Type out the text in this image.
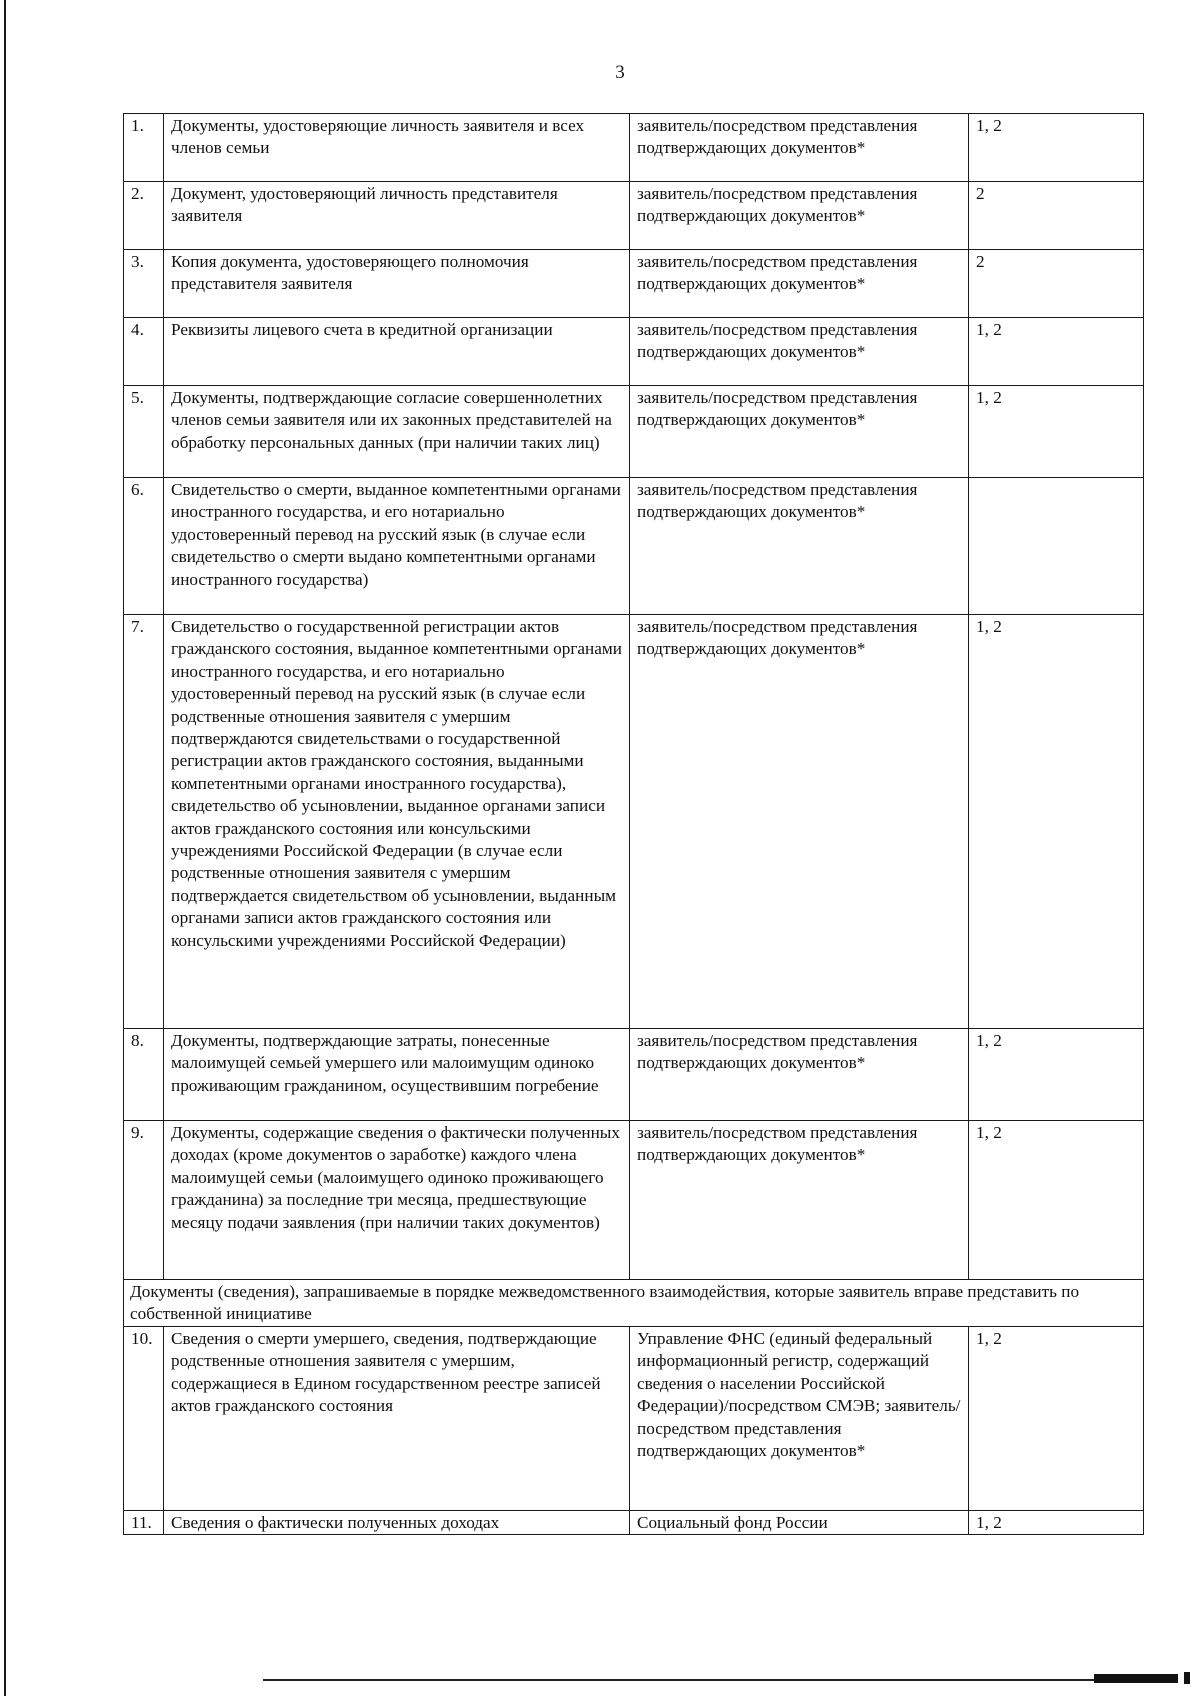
3
1.	Документы, удостоверяющие личность заявителя и всех членов семьи	заявитель/посредством представления подтверждающих документов*	1, 2
2.	Документ, удостоверяющий личность представителя заявителя	заявитель/посредством представления подтверждающих документов*	2
3.	Копия документа, удостоверяющего полномочия представителя заявителя	заявитель/посредством представления подтверждающих документов*	2
4.	Реквизиты лицевого счета в кредитной организации	заявитель/посредством представления подтверждающих документов*	1, 2
5.	Документы, подтверждающие согласие совершеннолетних членов семьи заявителя или их законных представителей на обработку персональных данных (при наличии таких лиц)	заявитель/посредством представления подтверждающих документов*	1, 2
6.	Свидетельство о смерти, выданное компетентными органами иностранного государства, и его нотариально удостоверенный перевод на русский язык (в случае если свидетельство о смерти выдано компетентными органами иностранного государства)	заявитель/посредством представления подтверждающих документов*	
7.	Свидетельство о государственной регистрации актов гражданского состояния, выданное компетентными органами иностранного государства, и его нотариально удостоверенный перевод на русский язык (в случае если родственные отношения заявителя с умершим подтверждаются свидетельствами о государственной регистрации актов гражданского состояния, выданными компетентными органами иностранного государства), свидетельство об усыновлении, выданное органами записи актов гражданского состояния или консульскими учреждениями Российской Федерации (в случае если родственные отношения заявителя с умершим подтверждается свидетельством об усыновлении, выданным органами записи актов гражданского состояния или консульскими учреждениями Российской Федерации)	заявитель/посредством представления подтверждающих документов*	1, 2
8.	Документы, подтверждающие затраты, понесенные малоимущей семьей умершего или малоимущим одиноко проживающим гражданином, осуществившим погребение	заявитель/посредством представления подтверждающих документов*	1, 2
9.	Документы, содержащие сведения о фактически полученных доходах (кроме документов о заработке) каждого члена малоимущей семьи (малоимущего одиноко проживающего гражданина) за последние три месяца, предшествующие месяцу подачи заявления (при наличии таких документов)	заявитель/посредством представления подтверждающих документов*	1, 2
Документы (сведения), запрашиваемые в порядке межведомственного взаимодействия, которые заявитель вправе представить по собственной инициативе			
10.	Сведения о смерти умершего, сведения, подтверждающие родственные отношения заявителя с умершим, содержащиеся в Едином государственном реестре записей актов гражданского состояния	Управление ФНС (единый федеральный информационный регистр, содержащий сведения о населении Российской Федерации)/посредством СМЭВ; заявитель/посредством представления подтверждающих документов*	1, 2
11.	Сведения о фактически полученных доходах	Социальный фонд России	1, 2
